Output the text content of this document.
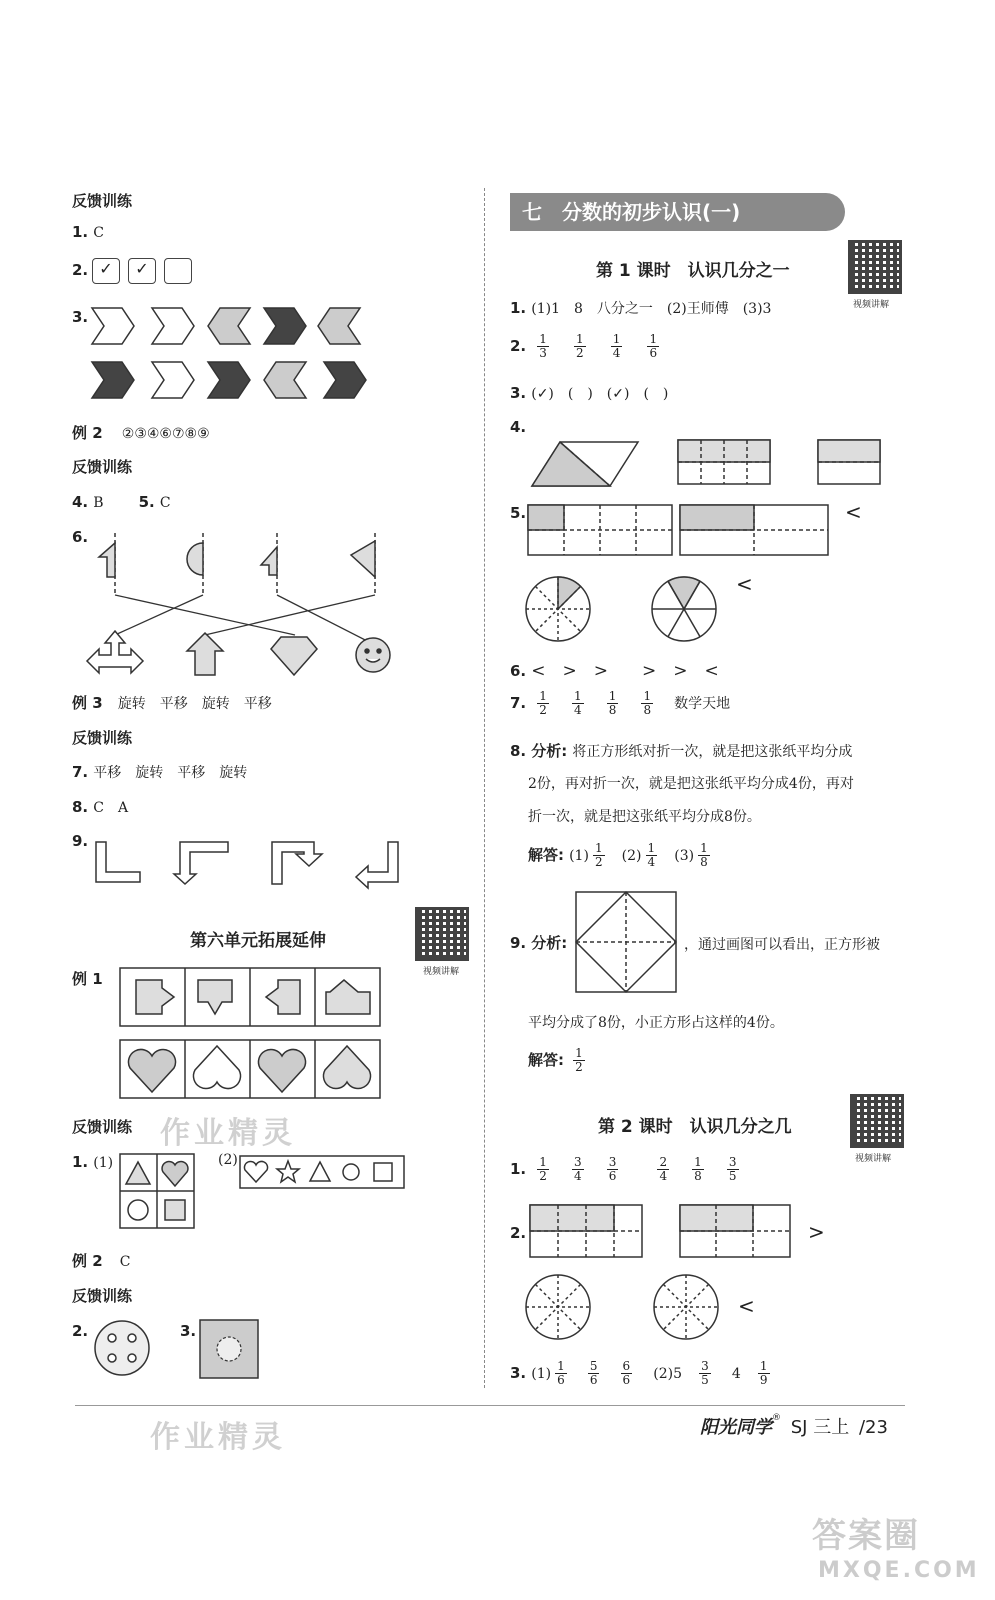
反馈训练
1. C
2. ✓	✓
3.
例 2 ②③④⑥⑦⑧⑨
反馈训练
4. B 5. C
6.
例 3 旋转　平移　旋转　平移
反馈训练
7. 平移　旋转　平移　旋转
8. C　A
9.
第六单元拓展延伸
视频讲解
例 1
反馈训练 作业精灵
1. (1)	(2)
例 2 C
反馈训练
2.	3.
七　分数的初步认识(一)
第 1 课时　认识几分之一
视频讲解
1. (1)1　8　八分之一　(2)王师傅　(3)3
2. $\frac{1}{3}$
$\frac{1}{2}$
$\frac{1}{4}$
$\frac{1}{6}$
3. (✓)　(　)　(✓)　(　)
4.
5.	<
<
6. <　>　>　　>　>　<
7. $\frac{1}{2}$
$\frac{1}{4}$
$\frac{1}{8}$
$\frac{1}{8}$ 数学天地
8. 分析: 将正方形纸对折一次，就是把这张纸平均分成
2份，再对折一次，就是把这张纸平均分成4份，再对
折一次，就是把这张纸平均分成8份。
解答: $(1) \frac{1}{2} (2) \frac{1}{4} (3) \frac{1}{8}$
9. 分析:	，通过画图可以看出，正方形被
平均分成了8份，小正方形占这样的4份。
解答: $\frac{1}{2}$
第 2 课时　认识几分之几
视频讲解
1. $\frac{1}{2}$
$\frac{3}{4}$
$\frac{3}{6}$
	$\frac{2}{4}$
$\frac{1}{8}$
$\frac{3}{5}$
2.	>
<
3. $(1) \frac{1}{6}$
$\frac{5}{6}$
$\frac{6}{6} (2)5 \frac{3}{5} 4 \frac{1}{9}$
作业精灵	阳光同学® SJ 三上 /23
答案圈
MXQE.COM
